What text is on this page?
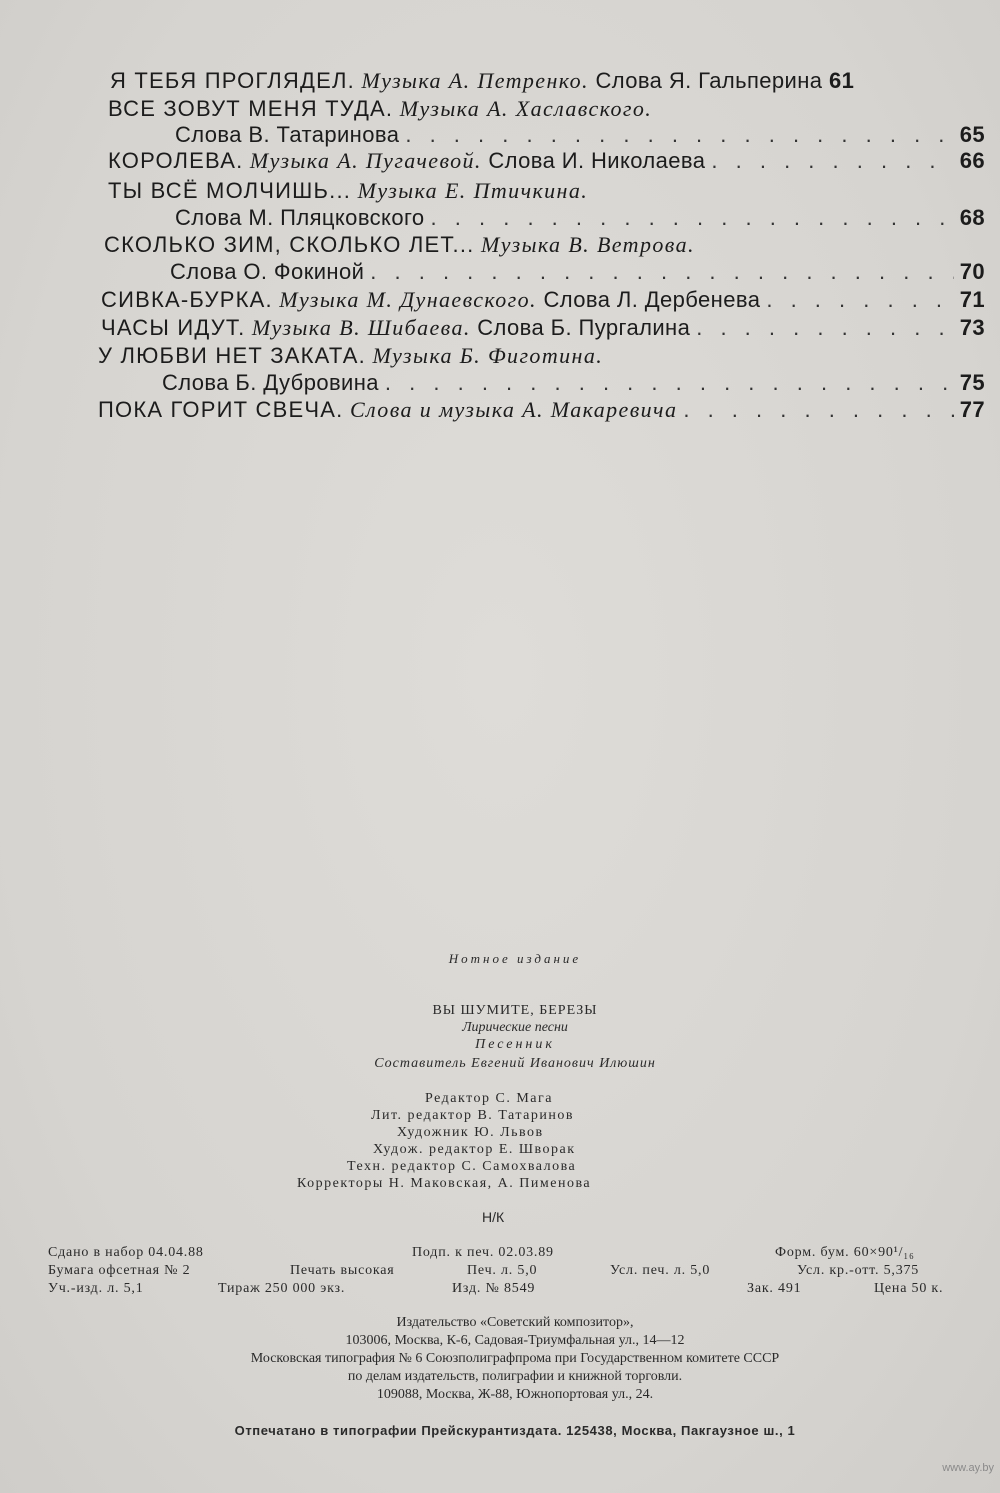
Я ТЕБЯ ПРОГЛЯДЕЛ.
Музыка А. Петренко.
Слова Я. Гальперина
61
ВСЕ ЗОВУТ МЕНЯ ТУДА.
Музыка А. Хаславского.
Слова В. Татаринова . . .	65
КОРОЛЕВА.
Музыка А. Пугачевой.
Слова И. Николаева . . .	66
ТЫ ВСЁ МОЛЧИШЬ...
Музыка Е. Птичкина.
Слова М. Пляцковского . . .	68
СКОЛЬКО ЗИМ, СКОЛЬКО ЛЕТ...
Музыка В. Ветрова.
Слова О. Фокиной . . .	70
СИВКА-БУРКА.
Музыка М. Дунаевского.
Слова Л. Дербенева . . .	71
ЧАСЫ ИДУТ.
Музыка В. Шибаева.
Слова Б. Пургалина . . .	73
У ЛЮБВИ НЕТ ЗАКАТА.
Музыка Б. Фиготина.
Слова Б. Дубровина . . .	75
ПОКА ГОРИТ СВЕЧА.
Слова и музыка А. Макаревича . . .	77
Нотное издание
ВЫ ШУМИТЕ, БЕРЕЗЫ
Лирические песни
Песенник
Составитель Евгений Иванович Илюшин
Редактор С. Мага
Лит. редактор В. Татаринов
Художник Ю. Львов
Худож. редактор Е. Шворак
Техн. редактор С. Самохвалова
Корректоры Н. Маковская, А. Пименова
Н/К
Сдано в набор 04.04.88	Подп. к печ. 02.03.89	Форм. бум. 60×90¹/₁₆
Бумага офсетная № 2	Печать высокая	Печ. л. 5,0	Усл. печ. л. 5,0	Усл. кр.-отт. 5,375
Уч.-изд. л. 5,1	Тираж 250 000 экз.	Изд. № 8549	Зак. 491	Цена 50 к.
Издательство «Советский композитор»,
103006, Москва, К-6, Садовая-Триумфальная ул., 14—12
Московская типография № 6 Союзполиграфпрома при Государственном комитете СССР
по делам издательств, полиграфии и книжной торговли.
109088, Москва, Ж-88, Южнопортовая ул., 24.
Отпечатано в типографии Прейскурантиздата. 125438, Москва, Пакгаузное ш., 1
www.ay.by
